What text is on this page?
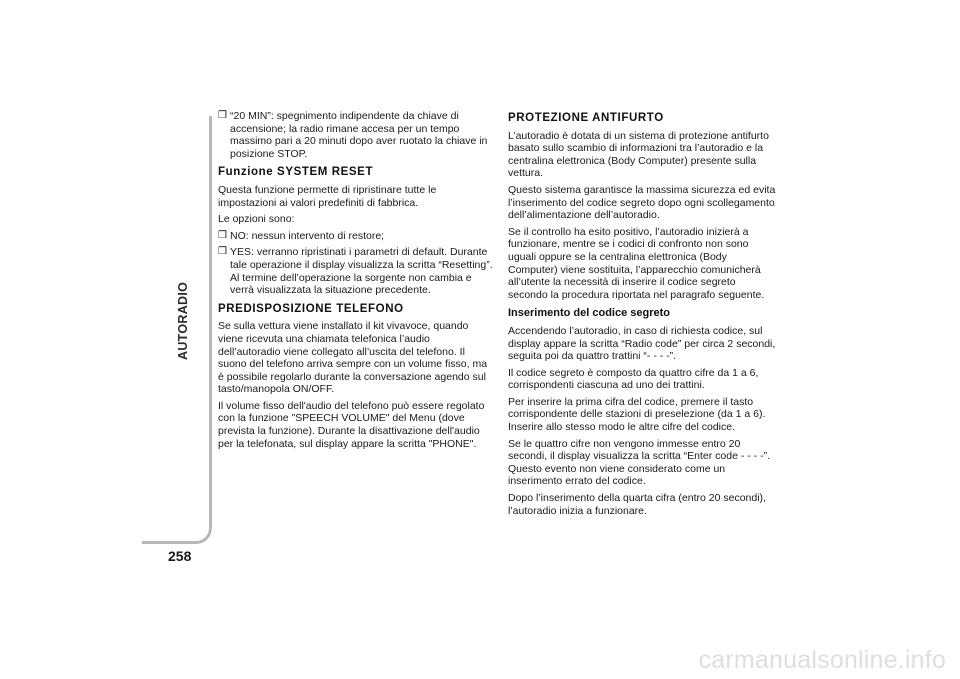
AUTORADIO
258
❒ “20 MIN”: spegnimento indipendente da chiave di accensione; la radio rimane accesa per un tempo massimo pari a 20 minuti dopo aver ruotato la chiave in posizione STOP.
Funzione SYSTEM RESET

Questa funzione permette di ripristinare tutte le impostazioni ai valori predefiniti di fabbrica.

Le opzioni sono:

❒ NO: nessun intervento di restore;
❒ YES: verranno ripristinati i parametri di default. Durante tale operazione il display visualizza la scritta “Resetting”. Al termine dell’operazione la sorgente non cambia e verrà visualizzata la situazione precedente.
PREDISPOSIZIONE TELEFONO

Se sulla vettura viene installato il kit vivavoce, quando viene ricevuta una chiamata telefonica l’audio dell’autoradio viene collegato all’uscita del telefono. Il suono del telefono arriva sempre con un volume fisso, ma è possibile regolarlo durante la conversazione agendo sul tasto/manopola ON/OFF.

Il volume fisso dell'audio del telefono può essere regolato con la funzione "SPEECH VOLUME" del Menu (dove prevista la funzione). Durante la disattivazione dell'audio per la telefonata, sul display appare la scritta "PHONE".

PROTEZIONE ANTIFURTO

L’autoradio è dotata di un sistema di protezione antifurto basato sullo scambio di informazioni tra l’autoradio e la centralina elettronica (Body Computer) presente sulla vettura.

Questo sistema garantisce la massima sicurezza ed evita l’inserimento del codice segreto dopo ogni scollegamento dell’alimentazione dell’autoradio.

Se il controllo ha esito positivo, l’autoradio inizierà a funzionare, mentre se i codici di confronto non sono uguali oppure se la centralina elettronica (Body Computer) viene sostituita, l’apparecchio comunicherà all’utente la necessità di inserire il codice segreto secondo la procedura riportata nel paragrafo seguente.

Inserimento del codice segreto

Accendendo l’autoradio, in caso di richiesta codice, sul display appare la scritta “Radio code” per circa 2 secondi, seguita poi da quattro trattini “- - - -”.

Il codice segreto è composto da quattro cifre da 1 a 6, corrispondenti ciascuna ad uno dei trattini.

Per inserire la prima cifra del codice, premere il tasto corrispondente delle stazioni di preselezione (da 1 a 6). Inserire allo stesso modo le altre cifre del codice.

Se le quattro cifre non vengono immesse entro 20 secondi, il display visualizza la scritta “Enter code - - - -”. Questo evento non viene considerato come un inserimento errato del codice.

Dopo l’inserimento della quarta cifra (entro 20 secondi), l’autoradio inizia a funzionare.

carmanualsonline.info
